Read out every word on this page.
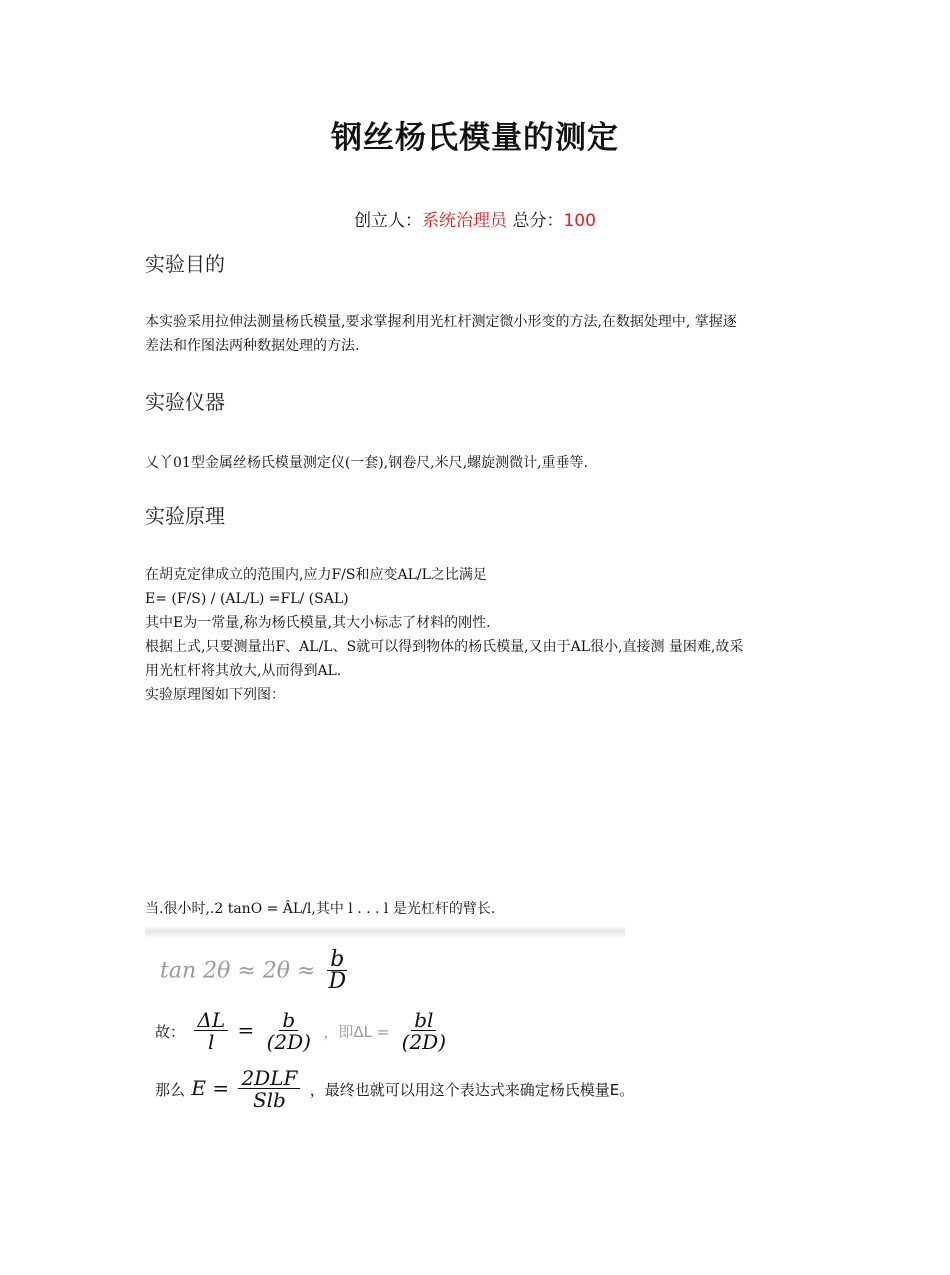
钢丝杨氏模量的测定
创立人：系统治理员 总分：100
实验目的
本实验采用拉伸法测量杨氏模量,要求掌握利用光杠杆测定微小形变的方法,在数据处理中, 掌握逐
差法和作图法两种数据处理的方法.
实验仪器
乂丫01型金属丝杨氏模量测定仪(一套),钢卷尺,米尺,螺旋测微计,重垂等.
实验原理
在胡克定律成立的范围内,应力F/S和应变AL/L之比满足
E= (F/S) / (AL/L) =FL/ (SAL)
其中E为一常量,称为杨氏模量,其大小标志了材料的刚性.
根据上式,只要测量出F、AL/L、S就可以得到物体的杨氏模量,又由于AL很小,直接测 量困难,故采
用光杠杆将其放大,从而得到AL.
实验原理图如下列图：
当.很小时,.2 tanO = ÂL/l,其中 l . . . l 是光杠杆的臂长.
$\tan 2\theta \approx 2\theta \approx \frac{b}{D}$
故： $\frac{\Delta L}{l} = \frac{b}{(2D)}$ ，即$\Delta L = \frac{bl}{(2D)}$
那么 $E = \frac{\text{2DLF}}{\text{Slb}}$ ，最终也就可以用这个表达式来确定杨氏模量E。
